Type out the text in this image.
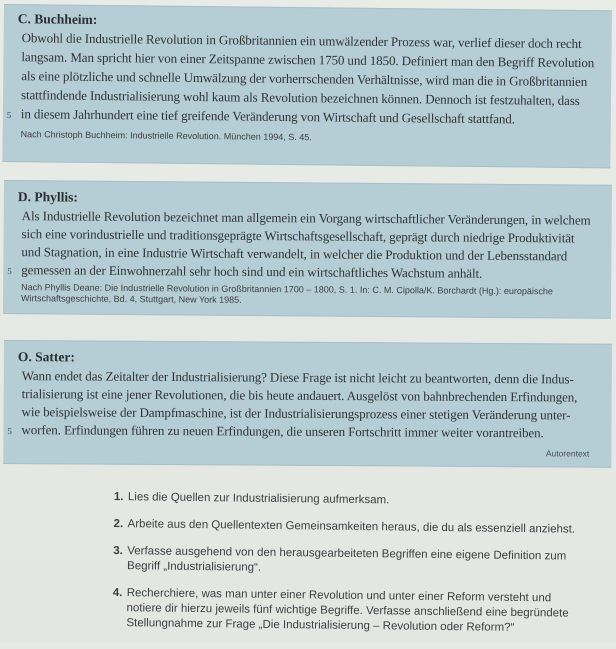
C. Buchheim:
Obwohl die Industrielle Revolution in Großbritannien ein umwälzender Prozess war, verlief dieser doch recht
langsam. Man spricht hier von einer Zeitspanne zwischen 1750 und 1850. Definiert man den Begriff Revolution
als eine plötzliche und schnelle Umwälzung der vorherrschenden Verhältnisse, wird man die in Großbritannien
stattfindende Industrialisierung wohl kaum als Revolution bezeichnen können. Dennoch ist festzuhalten, dass
5 in diesem Jahrhundert eine tief greifende Veränderung von Wirtschaft und Gesellschaft stattfand.
Nach Christoph Buchheim: Industrielle Revolution. München 1994, S. 45.
D. Phyllis:
Als Industrielle Revolution bezeichnet man allgemein ein Vorgang wirtschaftlicher Veränderungen, in welchem
sich eine vorindustrielle und traditionsgeprägte Wirtschaftsgesellschaft, geprägt durch niedrige Produktivität
und Stagnation, in eine Industrie Wirtschaft verwandelt, in welcher die Produktion und der Lebensstandard
5 gemessen an der Einwohnerzahl sehr hoch sind und ein wirtschaftliches Wachstum anhält.
Nach Phyllis Deane: Die Industrielle Revolution in Großbritannien 1700 – 1800, S. 1. In: C. M. Cipolla/K. Borchardt (Hg.): europäische
Wirtschaftsgeschichte, Bd. 4, Stuttgart, New York 1985.
O. Satter:
Wann endet das Zeitalter der Industrialisierung? Diese Frage ist nicht leicht zu beantworten, denn die Indus-
trialisierung ist eine jener Revolutionen, die bis heute andauert. Ausgelöst von bahnbrechenden Erfindungen,
wie beispielsweise der Dampfmaschine, ist der Industrialisierungsprozess einer stetigen Veränderung unter-
5 worfen. Erfindungen führen zu neuen Erfindungen, die unseren Fortschritt immer weiter vorantreiben.
Autorentext
1. Lies die Quellen zur Industrialisierung aufmerksam.
2. Arbeite aus den Quellentexten Gemeinsamkeiten heraus, die du als essenziell anziehst.
3. Verfasse ausgehend von den herausgearbeiteten Begriffen eine eigene Definition zum
Begriff „Industrialisierung“.
4. Recherchiere, was man unter einer Revolution und unter einer Reform versteht und
notiere dir hierzu jeweils fünf wichtige Begriffe. Verfasse anschließend eine begründete
Stellungnahme zur Frage „Die Industrialisierung – Revolution oder Reform?“
